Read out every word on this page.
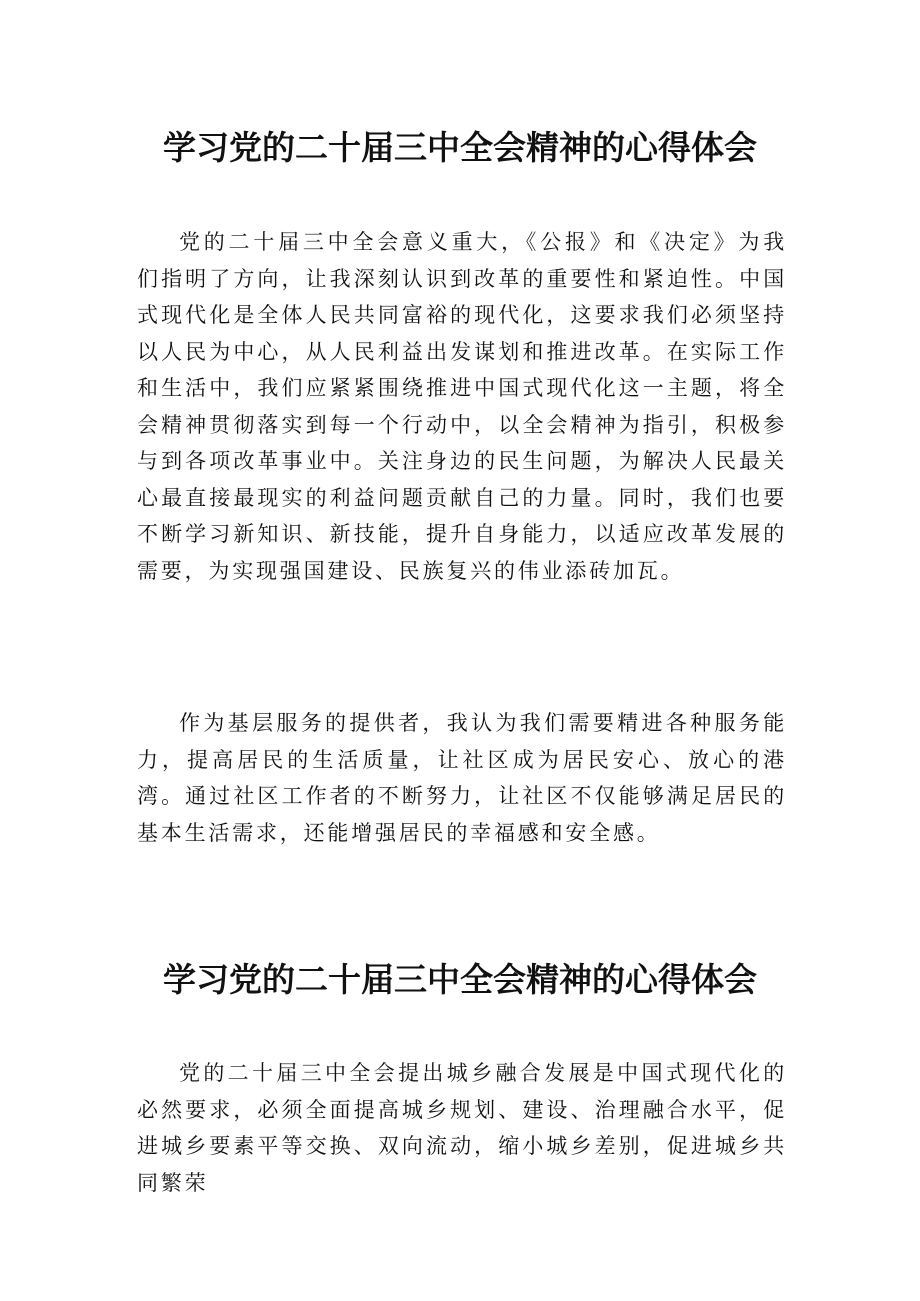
学习党的二十届三中全会精神的心得体会

党的二十届三中全会意义重大，《公报》和《决定》为我们指明了方向，让我深刻认识到改革的重要性和紧迫性。中国式现代化是全体人民共同富裕的现代化，这要求我们必须坚持以人民为中心，从人民利益出发谋划和推进改革。在实际工作和生活中，我们应紧紧围绕推进中国式现代化这一主题，将全会精神贯彻落实到每一个行动中，以全会精神为指引，积极参与到各项改革事业中。关注身边的民生问题，为解决人民最关心最直接最现实的利益问题贡献自己的力量。同时，我们也要不断学习新知识、新技能，提升自身能力，以适应改革发展的需要，为实现强国建设、民族复兴的伟业添砖加瓦。

作为基层服务的提供者，我认为我们需要精进各种服务能力，提高居民的生活质量，让社区成为居民安心、放心的港湾。通过社区工作者的不断努力，让社区不仅能够满足居民的基本生活需求，还能增强居民的幸福感和安全感。

学习党的二十届三中全会精神的心得体会

党的二十届三中全会提出城乡融合发展是中国式现代化的必然要求，必须全面提高城乡规划、建设、治理融合水平，促进城乡要素平等交换、双向流动，缩小城乡差别，促进城乡共同繁荣
